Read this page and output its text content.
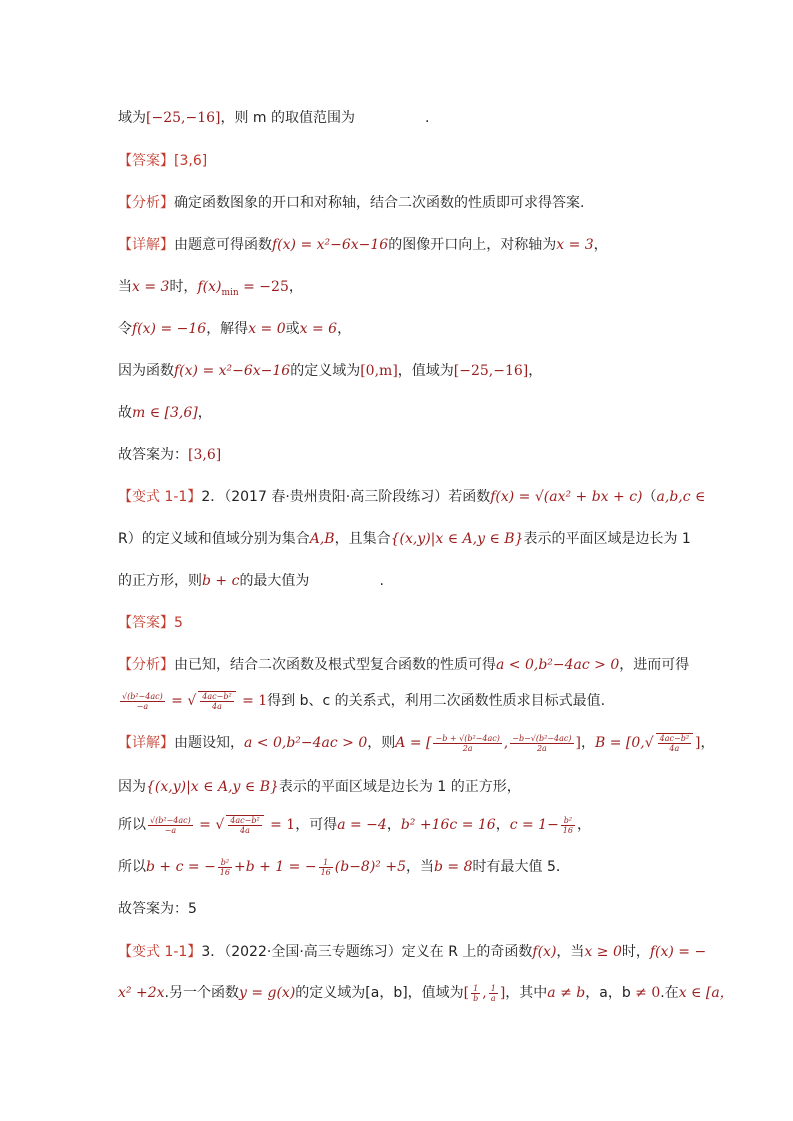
域为[−25,−16]，则 m 的取值范围为	.
【答案】[3,6]
【分析】确定函数图象的开口和对称轴，结合二次函数的性质即可求得答案.
【详解】由题意可得函数f(x) = x²−6x−16的图像开口向上，对称轴为x = 3，
当x = 3时，$f(x)_{min} = -25$，
令f(x) = −16，解得x = 0或x = 6，
因为函数f(x) = x²−6x−16的定义域为[0,m]，值域为[−25,−16]，
故m ∈ [3,6]，
故答案为：[3,6]
【变式 1-1】2．（2017 春·贵州贵阳·高三阶段练习）若函数f(x) = √(ax² + bx + c)（a,b,c ∈
R）的定义域和值域分别为集合A,B，且集合{(x,y)|x ∈ A,y ∈ B}表示的平面区域是边长为 1
的正方形，则b + c的最大值为	.
【答案】5
【分析】由已知，结合二次函数及根式型复合函数的性质可得a < 0,b²−4ac > 0，进而可得
$\frac{\text{√(b²−4ac)}}{-a}$ = √ $\frac{\text{4ac−b²}}{4a} = 1$得到 b、c 的关系式，利用二次函数性质求目标式最值.
【详解】由题设知，a < 0,b²−4ac > 0，则A = [ $\frac{\text{−b + √(b²−4ac)}}{2a}$ , $\frac{\text{−b−√(b²−4ac)}}{2a}$ ]，$B = [0,√ \frac{\text{4ac−b²}}{4a}$ ]，
因为{(x,y)|x ∈ A,y ∈ B}表示的平面区域是边长为 1 的正方形，
所以 $\frac{\text{√(b²−4ac)}}{-a}$ = √ $\frac{\text{4ac−b²}}{4a} = 1$，可得a = −4，b² +16c = 16，$c = 1- \frac{\text{b²}}{16}$ ，
所以b + c = − $\frac{\text{b²}}{16} +b + 1$ = − $\frac{1}{16} (b-8)^2 +5$，当b = 8时有最大值 5．
故答案为：5
【变式 1-1】3．（2022·全国·高三专题练习）定义在 R 上的奇函数f(x)，当x ≥ 0时，f(x) = −
x² +2x.另一个函数y = g(x)的定义域为[a，b]，值域为[ $\frac{1}{b}$ , $\frac{1}{a}$ ]，其中a ≠ b，a，b ≠ 0.在x ∈ [a，
